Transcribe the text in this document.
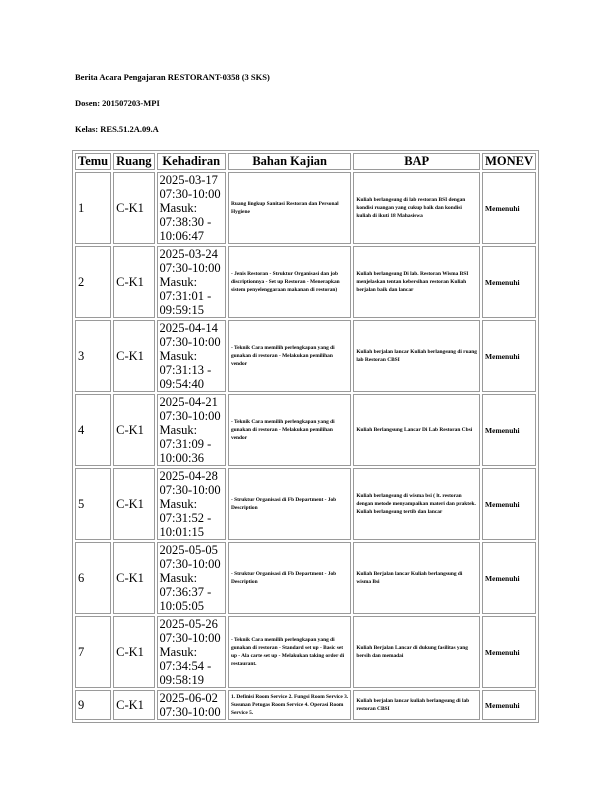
Berita Acara Pengajaran RESTORANT-0358 (3 SKS)
Dosen: 201507203-MPI
Kelas: RES.51.2A.09.A
Temu	Ruang	Kehadiran	Bahan Kajian	BAP	MONEV
1	C-K1	2025-03-17
07:30-10:00
Masuk:
07:38:30 -
10:06:47	Ruang lingkup Sanitasi Restoran dan Personal Hygiene	Kuliah berlangsung di lab restoran BSI dengan kondisi ruangan yang cukup baik dan kondisi kuliah di ikuti 18 Mahasiswa	Memenuhi
2	C-K1	2025-03-24
07:30-10:00
Masuk:
07:31:01 -
09:59:15	- Jenis Restoran - Struktur Organisasi dan job discriptionnya - Set up Restoran - Menerapkan sistem penyelenggaraan makanan di restoran)	Kuliah berlangsung Di lab. Restoran Wisma BSI menjelaskan tentan kebersihan restoran Kuliah berjalan baik dan lancar	Memenuhi
3	C-K1	2025-04-14
07:30-10:00
Masuk:
07:31:13 -
09:54:40	- Teknik Cara memilih perlengkapan yang di gunakan di restoran - Melakukan pemilihan vendor	Kuliah berjalan lancar Kuliah berlangsung di ruang lab Restoran CBSI	Memenuhi
4	C-K1	2025-04-21
07:30-10:00
Masuk:
07:31:09 -
10:00:36	- Teknik Cara memilih perlengkapan yang di gunakan di restoran - Melakukan pemilihan vendor	Kuliah Berlangsung Lancar Di Lab Restoran Cbsi	Memenuhi
5	C-K1	2025-04-28
07:30-10:00
Masuk:
07:31:52 -
10:01:15	- Struktur Organisasi di Fb Department - Job Description	Kuliah berlangsung di wisma bsi ( lt. restoran dengan metode menyampaikan materi dan praktek. Kuliah berlangsung tertib dan lancar	Memenuhi
6	C-K1	2025-05-05
07:30-10:00
Masuk:
07:36:37 -
10:05:05	- Struktur Organisasi di Fb Department - Job Description	Kuliah Berjalan lancar Kuliah berlangsung di wisma Bsi	Memenuhi
7	C-K1	2025-05-26
07:30-10:00
Masuk:
07:34:54 -
09:58:19	- Teknik Cara memilih perlengkapan yang di gunakan di restoran - Standard set up - Basic set up - Ala carte set up - Melakukan taking order di restaurant.	Kuliah Berjalan Lancar di dukung fasilitas yang bersih dan memadai	Memenuhi
9	C-K1	2025-06-02
07:30-10:00	1. Definisi Room Service 2. Fungsi Room Service 3. Susunan Petugas Room Service 4. Operasi Room Service 5.	Kuliah berjalan lancar kuliah berlangsung di lab restoran CBSI	Memenuhi
